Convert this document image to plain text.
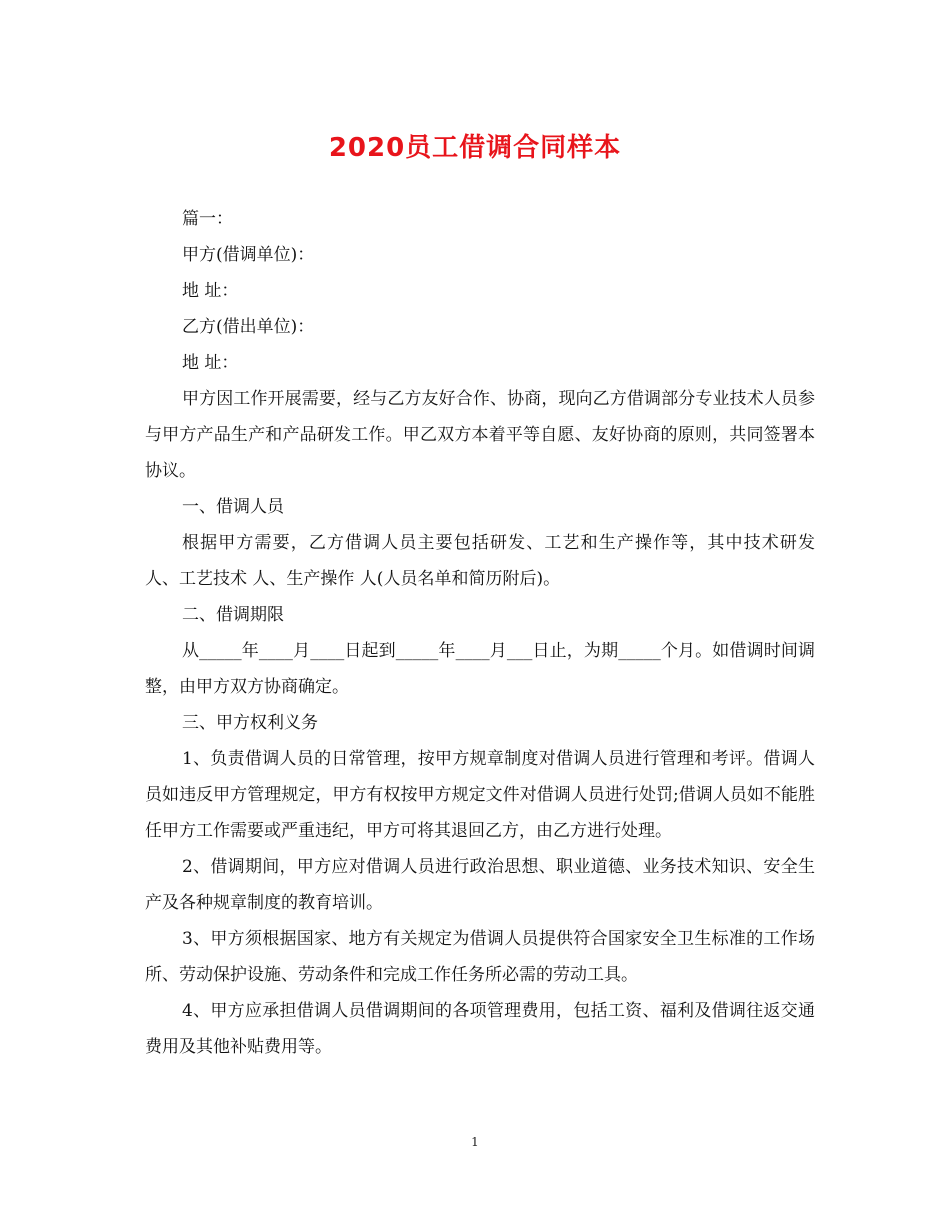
2020员工借调合同样本

篇一：

甲方(借调单位)：

地 址：

乙方(借出单位)：

地 址：

甲方因工作开展需要，经与乙方友好合作、协商，现向乙方借调部分专业技术人员参与甲方产品生产和产品研发工作。甲乙双方本着平等自愿、友好协商的原则，共同签署本协议。

一、借调人员

根据甲方需要，乙方借调人员主要包括研发、工艺和生产操作等，其中技术研发 人、工艺技术 人、生产操作 人(人员名单和简历附后)。

二、借调期限

从_____年____月____日起到_____年____月___日止，为期_____个月。如借调时间调整，由甲方双方协商确定。

三、甲方权利义务

1、负责借调人员的日常管理，按甲方规章制度对借调人员进行管理和考评。借调人员如违反甲方管理规定，甲方有权按甲方规定文件对借调人员进行处罚;借调人员如不能胜任甲方工作需要或严重违纪，甲方可将其退回乙方，由乙方进行处理。

2、借调期间，甲方应对借调人员进行政治思想、职业道德、业务技术知识、安全生产及各种规章制度的教育培训。

3、甲方须根据国家、地方有关规定为借调人员提供符合国家安全卫生标准的工作场所、劳动保护设施、劳动条件和完成工作任务所必需的劳动工具。

4、甲方应承担借调人员借调期间的各项管理费用，包括工资、福利及借调往返交通费用及其他补贴费用等。

1
